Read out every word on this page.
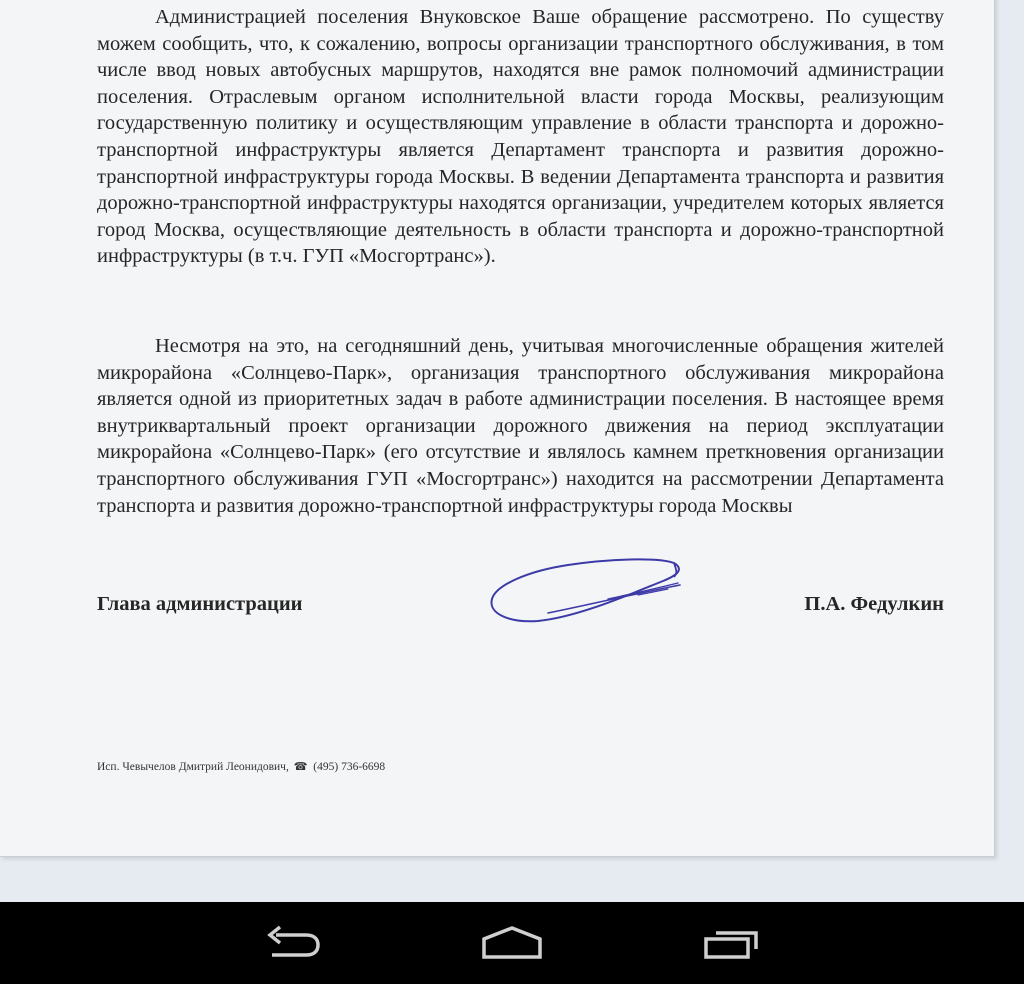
Администрацией поселения Внуковское Ваше обращение рассмотрено. По существу можем сообщить, что, к сожалению, вопросы организации транспортного обслуживания, в том числе ввод новых автобусных маршрутов, находятся вне рамок полномочий администрации поселения. Отраслевым органом исполнительной власти города Москвы, реализующим государственную политику и осуществляющим управление в области транспорта и дорожно-транспортной инфраструктуры является Департамент транспорта и развития дорожно-транспортной инфраструктуры города Москвы. В ведении Департамента транспорта и развития дорожно-транспортной инфраструктуры находятся организации, учредителем которых является город Москва, осуществляющие деятельность в области транспорта и дорожно-транспортной инфраструктуры (в т.ч. ГУП «Мосгортранс»).

Несмотря на это, на сегодняшний день, учитывая многочисленные обращения жителей микрорайона «Солнцево-Парк», организация транспортного обслуживания микрорайона является одной из приоритетных задач в работе администрации поселения. В настоящее время внутриквартальный проект организации дорожного движения на период эксплуатации микрорайона «Солнцево-Парк» (его отсутствие и являлось камнем преткновения организации транспортного обслуживания ГУП «Мосгортранс») находится на рассмотрении Департамента транспорта и развития дорожно-транспортной инфраструктуры города Москвы

Глава администрации	П.А. Федулкин
Исп. Чевычелов Дмитрий Леонидович, ☎ (495) 736-6698
